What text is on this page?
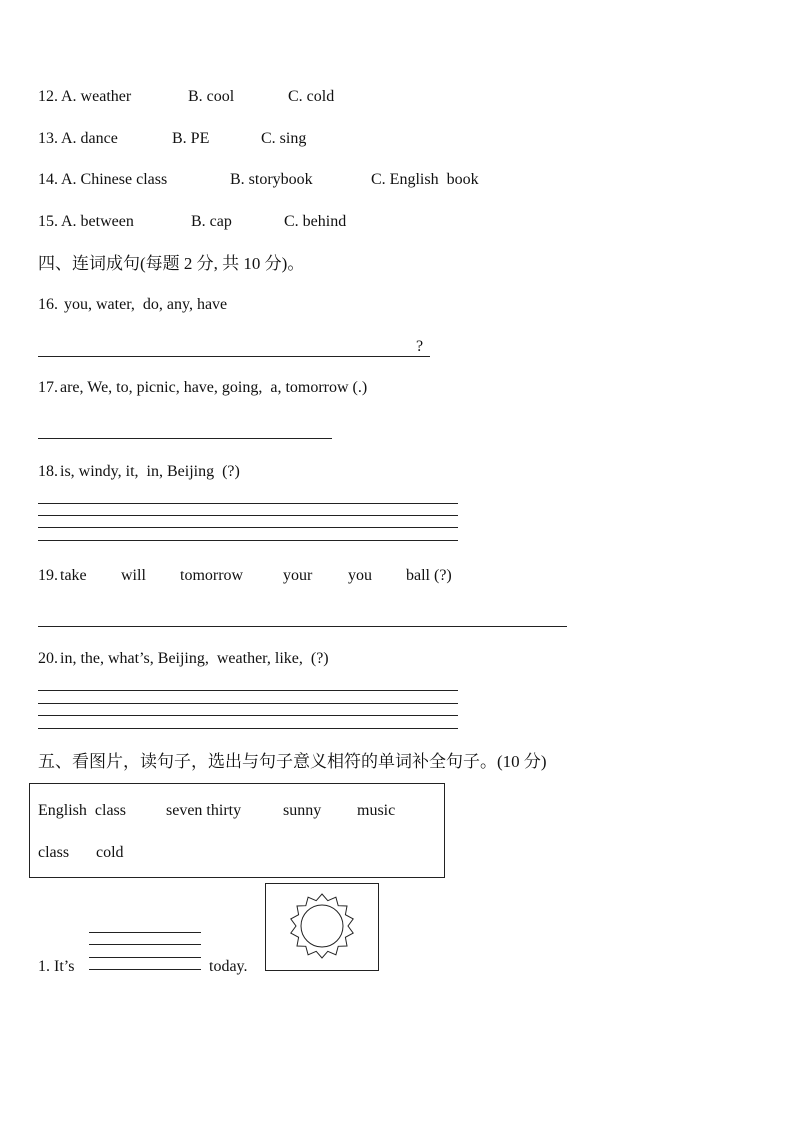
12. A. weather	B. cool	C. cold
13. A. dance	B. PE	C. sing
14. A. Chinese class	B. storybook	C. English  book
15. A. between	B. cap	C. behind
四、连词成句(每题 2 分, 共 10 分)。
16. you, water,  do, any, have
?
17. are, We, to, picnic, have, going,  a, tomorrow (.)
18. is, windy, it,  in, Beijing  (?)
19. take will tomorrow your you ball (?)
20. in, the, what’s, Beijing,  weather, like,  (?)
五、看图片，读句子，选出与句子意义相符的单词补全句子。(10 分)
English  class	seven thirty	sunny music
class cold
1. It’s	today.
